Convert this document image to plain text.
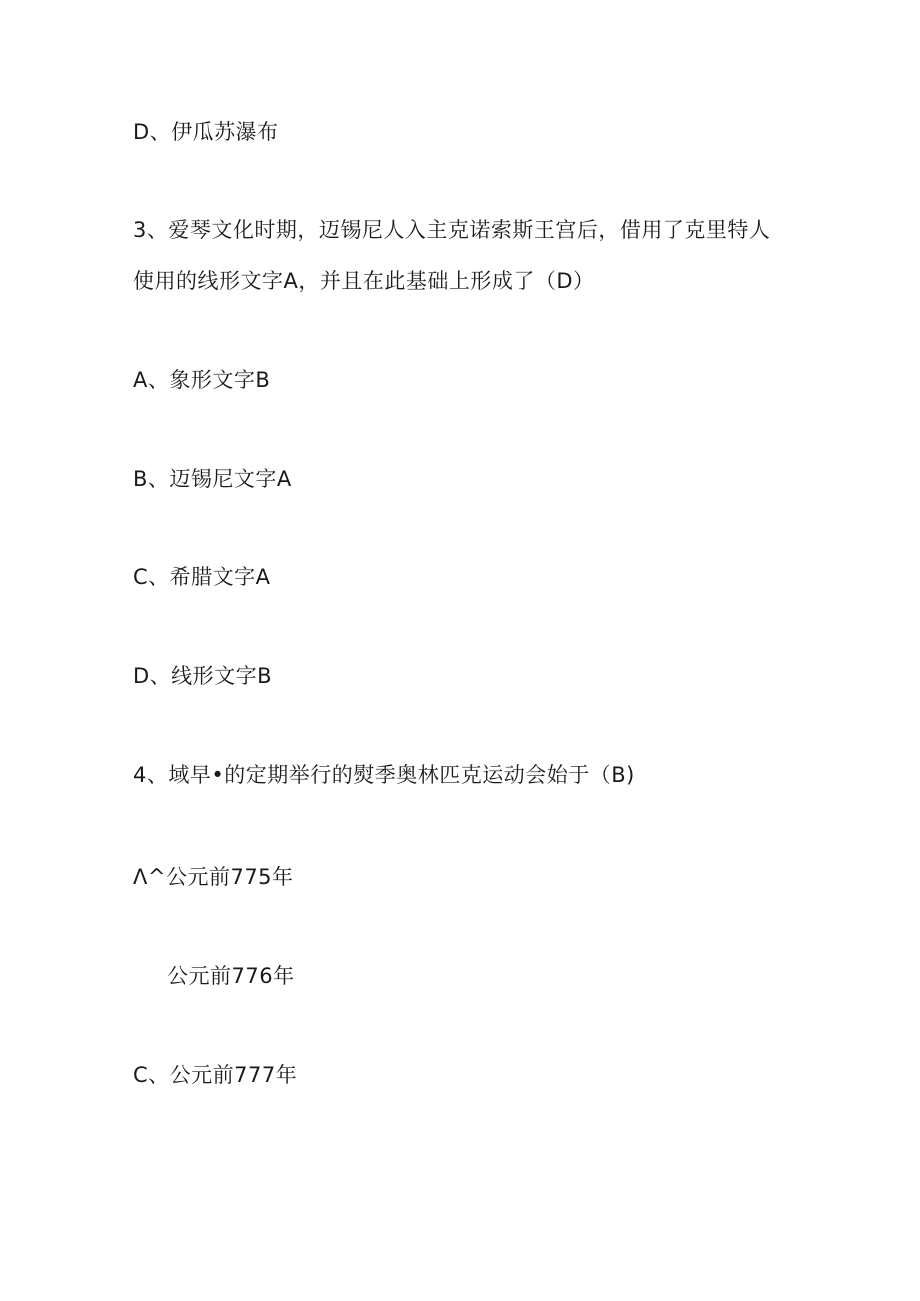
D、伊瓜苏瀑布
3、爱琴文化时期，迈锡尼人入主克诺索斯王宫后，借用了克里特人
使用的线形文字A，并且在此基础上形成了（D）
A、象形文字B
B、迈锡尼文字A
C、希腊文字A
D、线形文字B
4、域早•的定期举行的熨季奥林匹克运动会始于（B)
Λ^公元前775年
公元前776年
C、公元前777年
